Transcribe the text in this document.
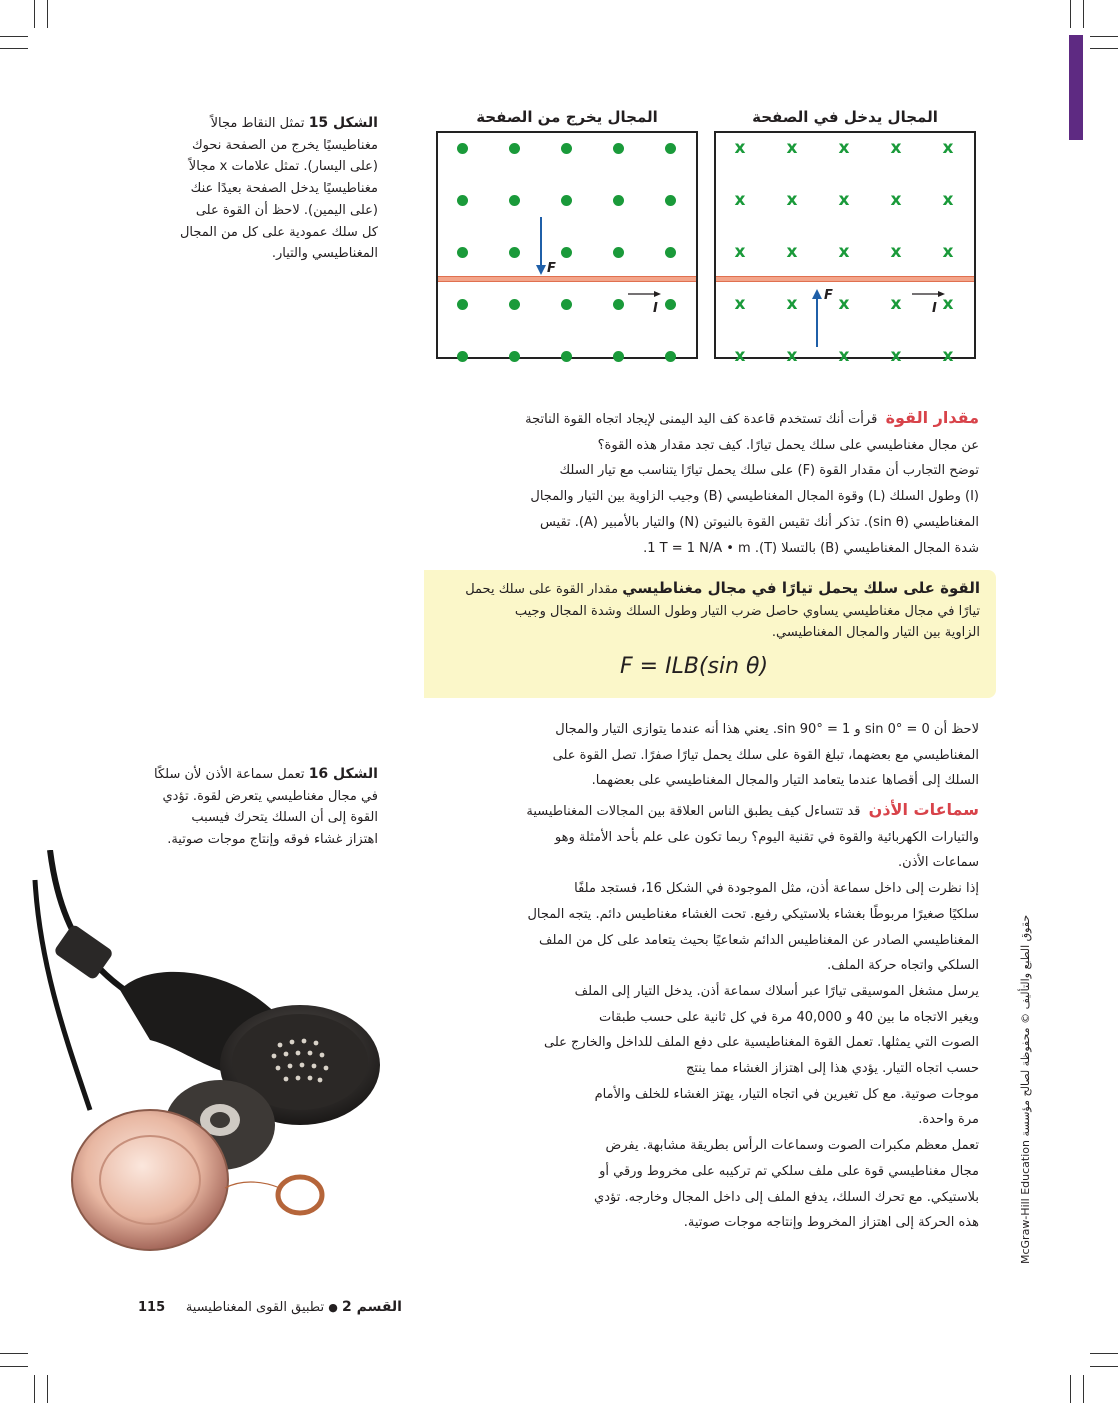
المجال يخرج من الصفحة	المجال يدخل في الصفحة
F
I
F
I
x x x x x
x x x x x
x x x x x
x x x x x
x x x x x
الشكل 15 تمثل النقاط مجالاً
مغناطيسيًا يخرج من الصفحة نحوك
(على اليسار). تمثل علامات x مجالاً
مغناطيسيًا يدخل الصفحة بعيدًا عنك
(على اليمين). لاحظ أن القوة على
كل سلك عمودية على كل من المجال
المغناطيسي والتيار.
مقدار القوة  قرأت أنك تستخدم قاعدة كف اليد اليمنى لإيجاد اتجاه القوة الناتجة
عن مجال مغناطيسي على سلك يحمل تيارًا. كيف تجد مقدار هذه القوة؟
توضح التجارب أن مقدار القوة (F) على سلك يحمل تيارًا يتناسب مع تيار السلك
(I) وطول السلك (L) وقوة المجال المغناطيسي (B) وجيب الزاوية بين التيار والمجال
المغناطيسي (sin θ). تذكر أنك تقيس القوة بالنيوتن (N) والتيار بالأمبير (A). تقيس
شدة المجال المغناطيسي (B) بالتسلا (T). 1 T = 1 N/A • m.
القوة على سلك يحمل تيارًا في مجال مغناطيسي مقدار القوة على سلك يحمل
تيارًا في مجال مغناطيسي يساوي حاصل ضرب التيار وطول السلك وشدة المجال وجيب
الزاوية بين التيار والمجال المغناطيسي.
F = ILB(sin θ)
لاحظ أن sin 0° = 0 و sin 90° = 1. يعني هذا أنه عندما يتوازى التيار والمجال
المغناطيسي مع بعضهما، تبلغ القوة على سلك يحمل تيارًا صفرًا. تصل القوة على
السلك إلى أقصاها عندما يتعامد التيار والمجال المغناطيسي على بعضهما.
سماعات الأذن  قد تتساءل كيف يطبق الناس العلاقة بين المجالات المغناطيسية
والتيارات الكهربائية والقوة في تقنية اليوم؟ ربما تكون على علم بأحد الأمثلة وهو
سماعات الأذن.
إذا نظرت إلى داخل سماعة أذن، مثل الموجودة في الشكل 16، فستجد ملفًا
سلكيًا صغيرًا مربوطًا بغشاء بلاستيكي رفيع. تحت الغشاء مغناطيس دائم. يتجه المجال
المغناطيسي الصادر عن المغناطيس الدائم شعاعيًا بحيث يتعامد على كل من الملف
السلكي واتجاه حركة الملف.
يرسل مشغل الموسيقى تيارًا عبر أسلاك سماعة أذن. يدخل التيار إلى الملف
ويغير الاتجاه ما بين 40 و 40,000 مرة في كل ثانية على حسب طبقات
الصوت التي يمثلها. تعمل القوة المغناطيسية على دفع الملف للداخل والخارج على
حسب اتجاه التيار. يؤدي هذا إلى اهتزاز الغشاء مما ينتج
موجات صوتية. مع كل تغيرين في اتجاه التيار، يهتز الغشاء للخلف والأمام
مرة واحدة.
تعمل معظم مكبرات الصوت وسماعات الرأس بطريقة مشابهة. يفرض
مجال مغناطيسي قوة على ملف سلكي تم تركيبه على مخروط ورقي أو
بلاستيكي. مع تحرك السلك، يدفع الملف إلى داخل المجال وخارجه. تؤدي
هذه الحركة إلى اهتزاز المخروط وإنتاجه موجات صوتية.
الشكل 16 تعمل سماعة الأذن لأن سلكًا
في مجال مغناطيسي يتعرض لقوة. تؤدي
القوة إلى أن السلك يتحرك فيسبب
اهتزاز غشاء فوقه وإنتاج موجات صوتية.
القسم 2 ● تطبيق القوى المغناطيسية     115
حقوق الطبع والتأليف © محفوظة لصالح مؤسسة McGraw-Hill Education
